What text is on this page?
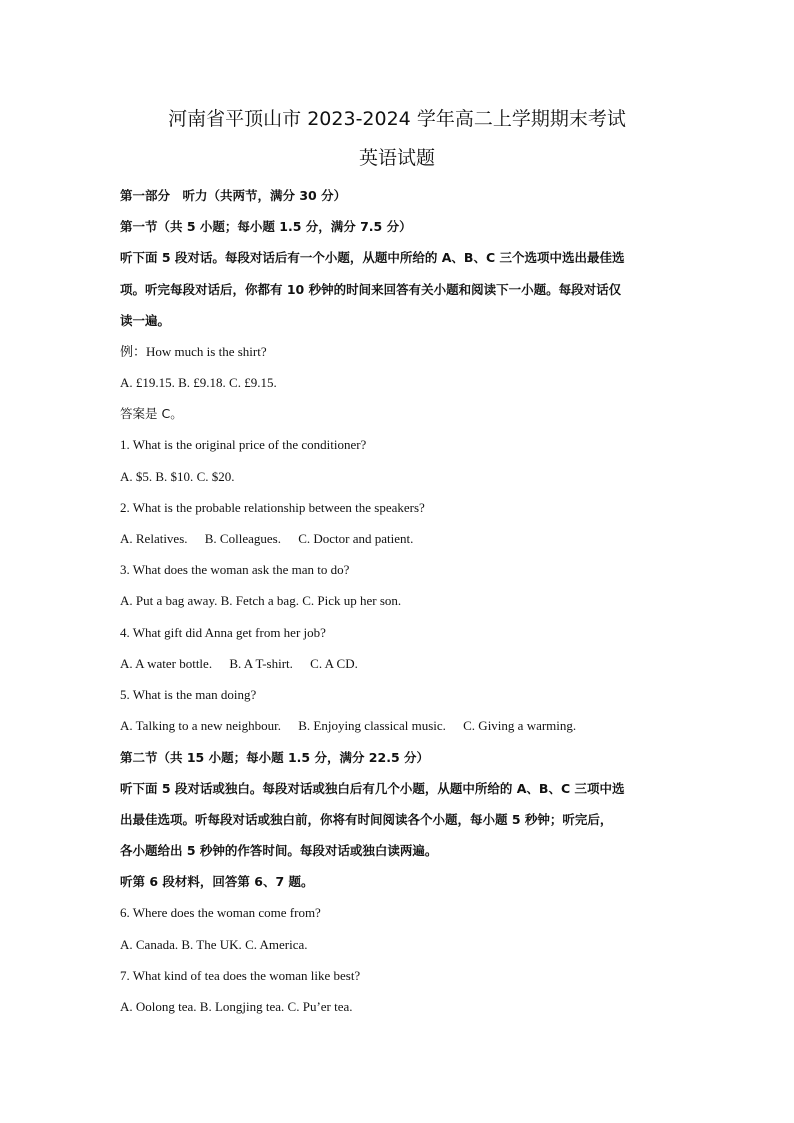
河南省平顶山市 2023-2024 学年高二上学期期末考试
英语试题
第一部分　听力（共两节，满分 30 分）
第一节（共 5 小题；每小题 1.5 分，满分 7.5 分）
听下面 5 段对话。每段对话后有一个小题，从题中所给的 A、B、C 三个选项中选出最佳选
项。听完每段对话后，你都有 10 秒钟的时间来回答有关小题和阅读下一小题。每段对话仅
读一遍。
例：How much is the shirt?
A. £19.15. B. £9.18. C. £9.15.
答案是 C。
1. What is the original price of the conditioner?
A. $5. B. $10. C. $20.
2. What is the probable relationship between the speakers?
A. Relatives. B. Colleagues. C. Doctor and patient.
3. What does the woman ask the man to do?
A. Put a bag away. B. Fetch a bag. C. Pick up her son.
4. What gift did Anna get from her job?
A. A water bottle. B. A T-shirt. C. A CD.
5. What is the man doing?
A. Talking to a new neighbour. B. Enjoying classical music. C. Giving a warming.
第二节（共 15 小题；每小题 1.5 分，满分 22.5 分）
听下面 5 段对话或独白。每段对话或独白后有几个小题，从题中所给的 A、B、C 三项中选
出最佳选项。听每段对话或独白前，你将有时间阅读各个小题，每小题 5 秒钟；听完后，
各小题给出 5 秒钟的作答时间。每段对话或独白读两遍。
听第 6 段材料，回答第 6、7 题。
6. Where does the woman come from?
A. Canada. B. The UK. C. America.
7. What kind of tea does the woman like best?
A. Oolong tea. B. Longjing tea. C. Pu’er tea.
